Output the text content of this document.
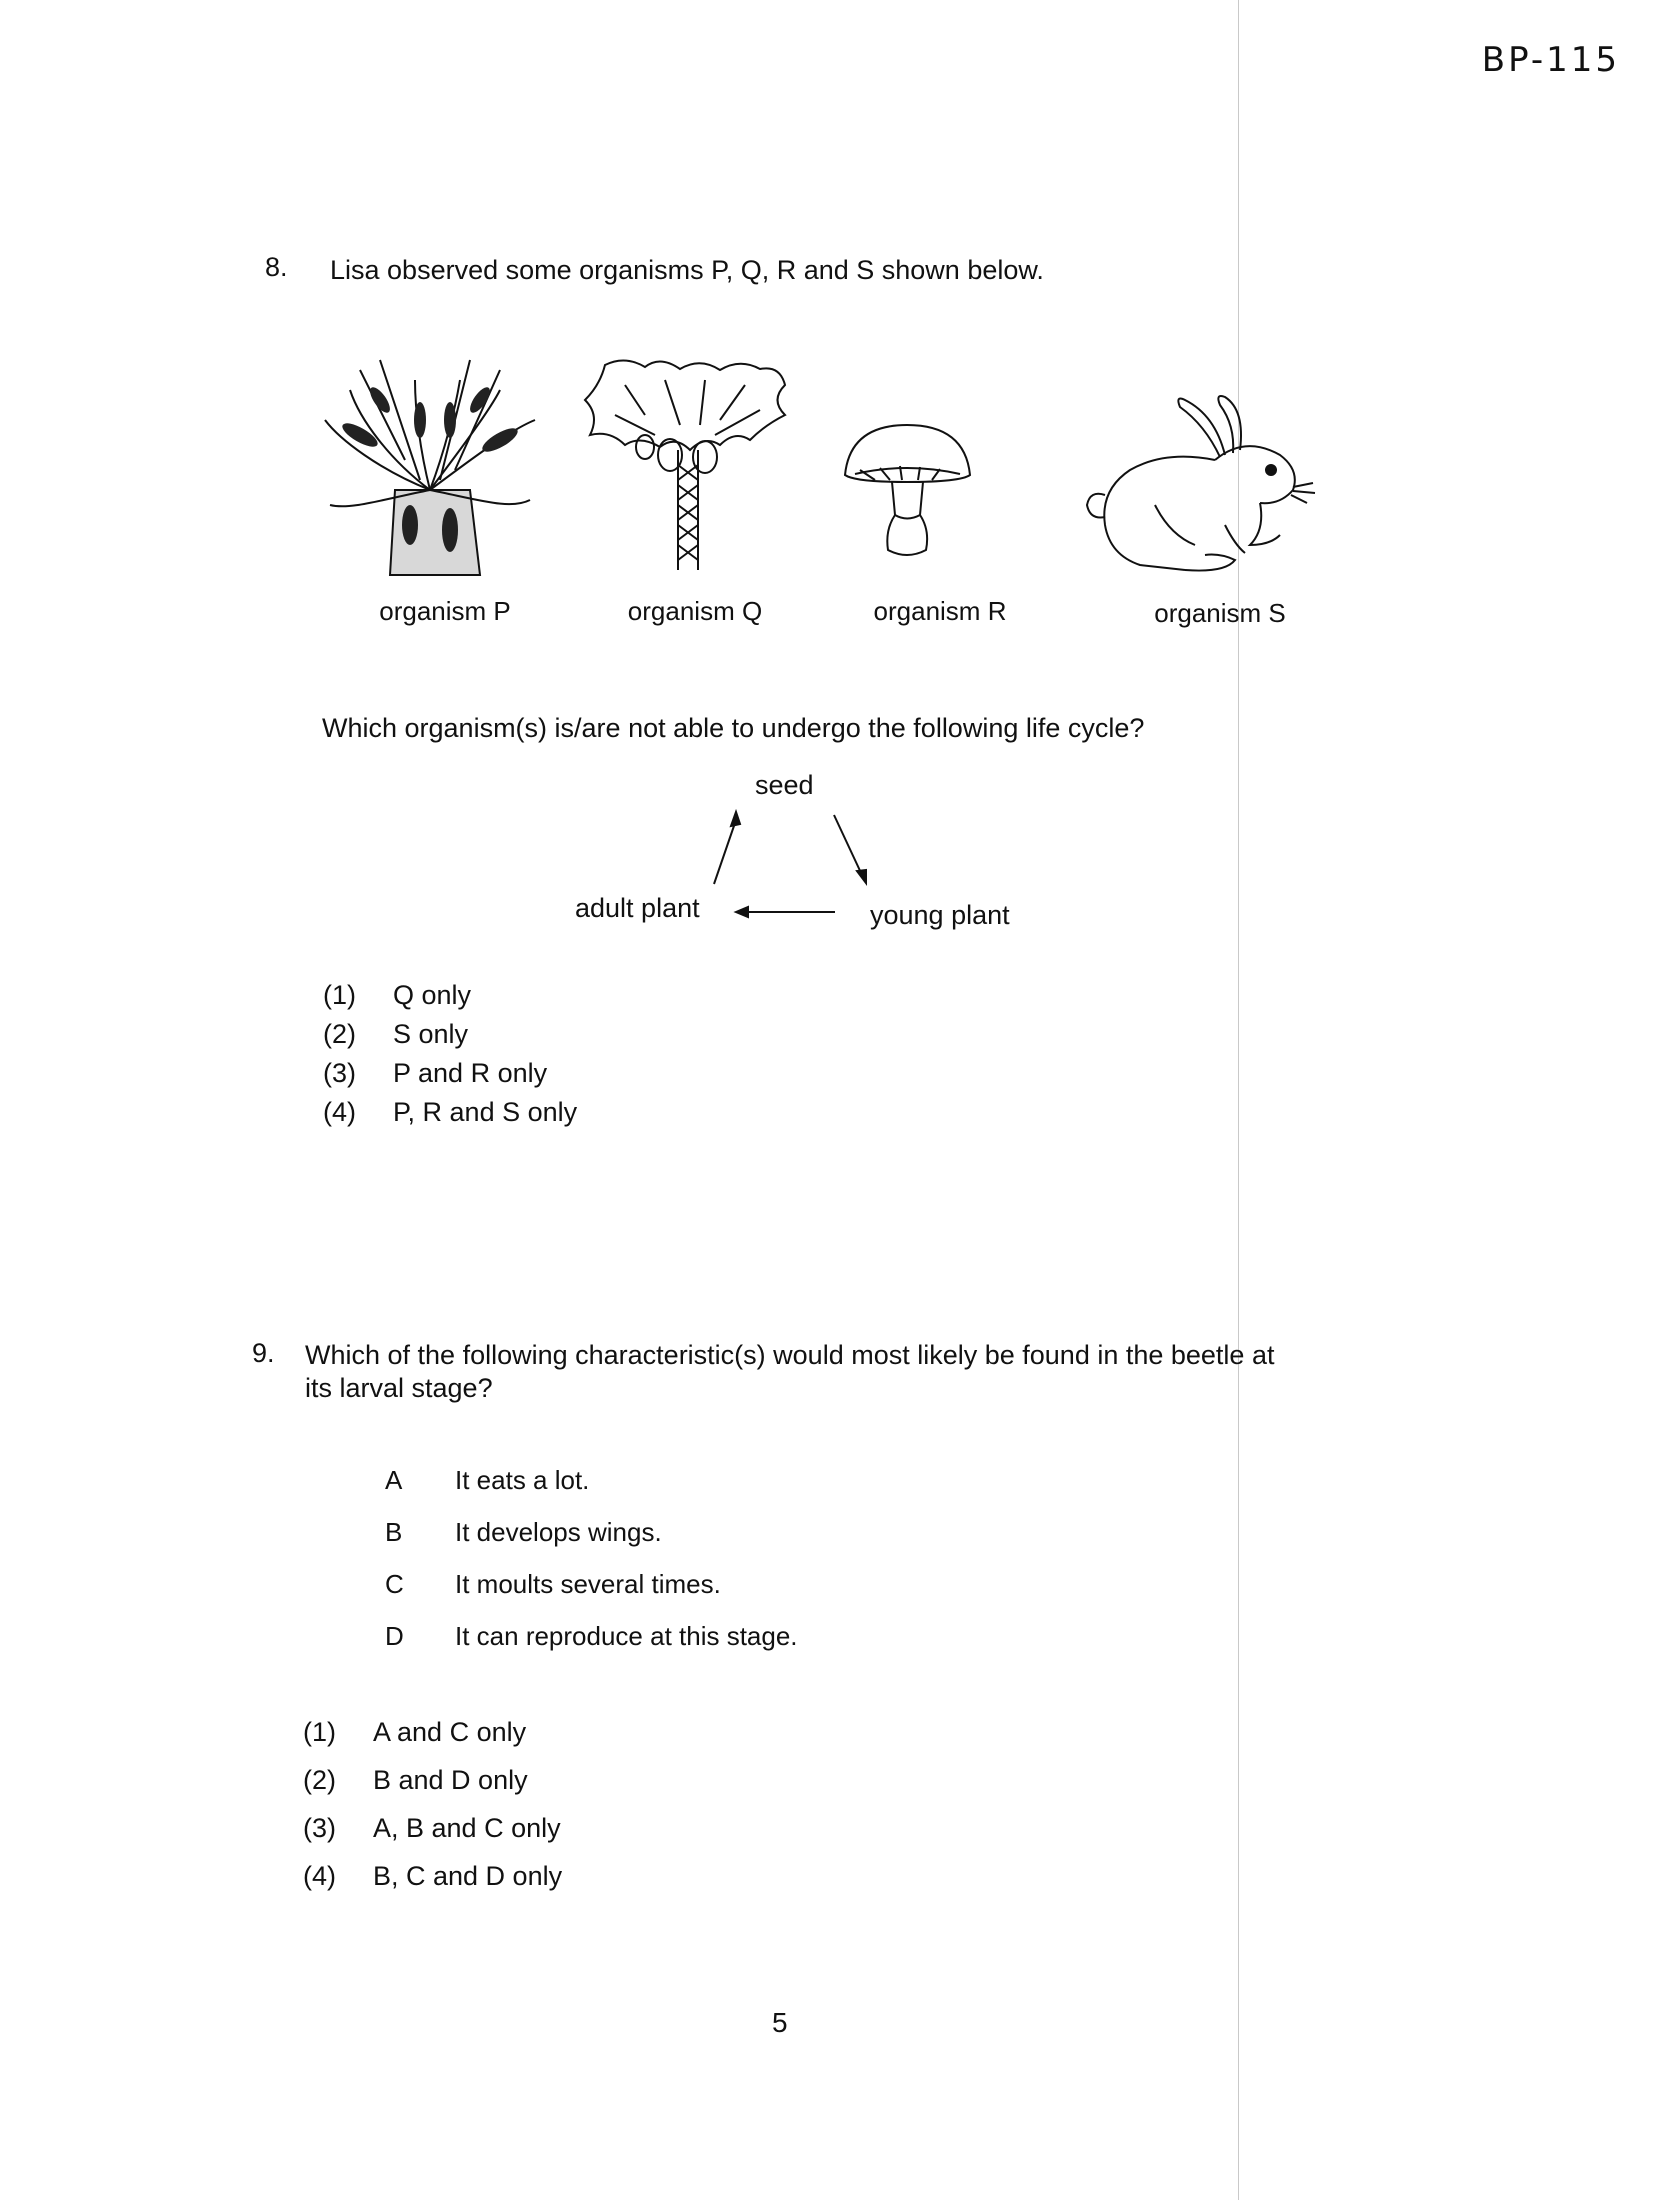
BP-115
8. Lisa observed some organisms P, Q, R and S shown below.
organism P	organism Q	organism R	organism S
Which organism(s) is/are not able to undergo the following life cycle?
seed
young plant
adult plant
(1)	Q only
(2)	S only
(3)	P and R only
(4)	P, R and S only
9. Which of the following characteristic(s) would most likely be found in the beetle at
its larval stage?
A It eats a lot.
B It develops wings.
C It moults several times.
D It can reproduce at this stage.
(1)	A and C only
(2)	B and D only
(3)	A, B and C only
(4)	B, C and D only
5
